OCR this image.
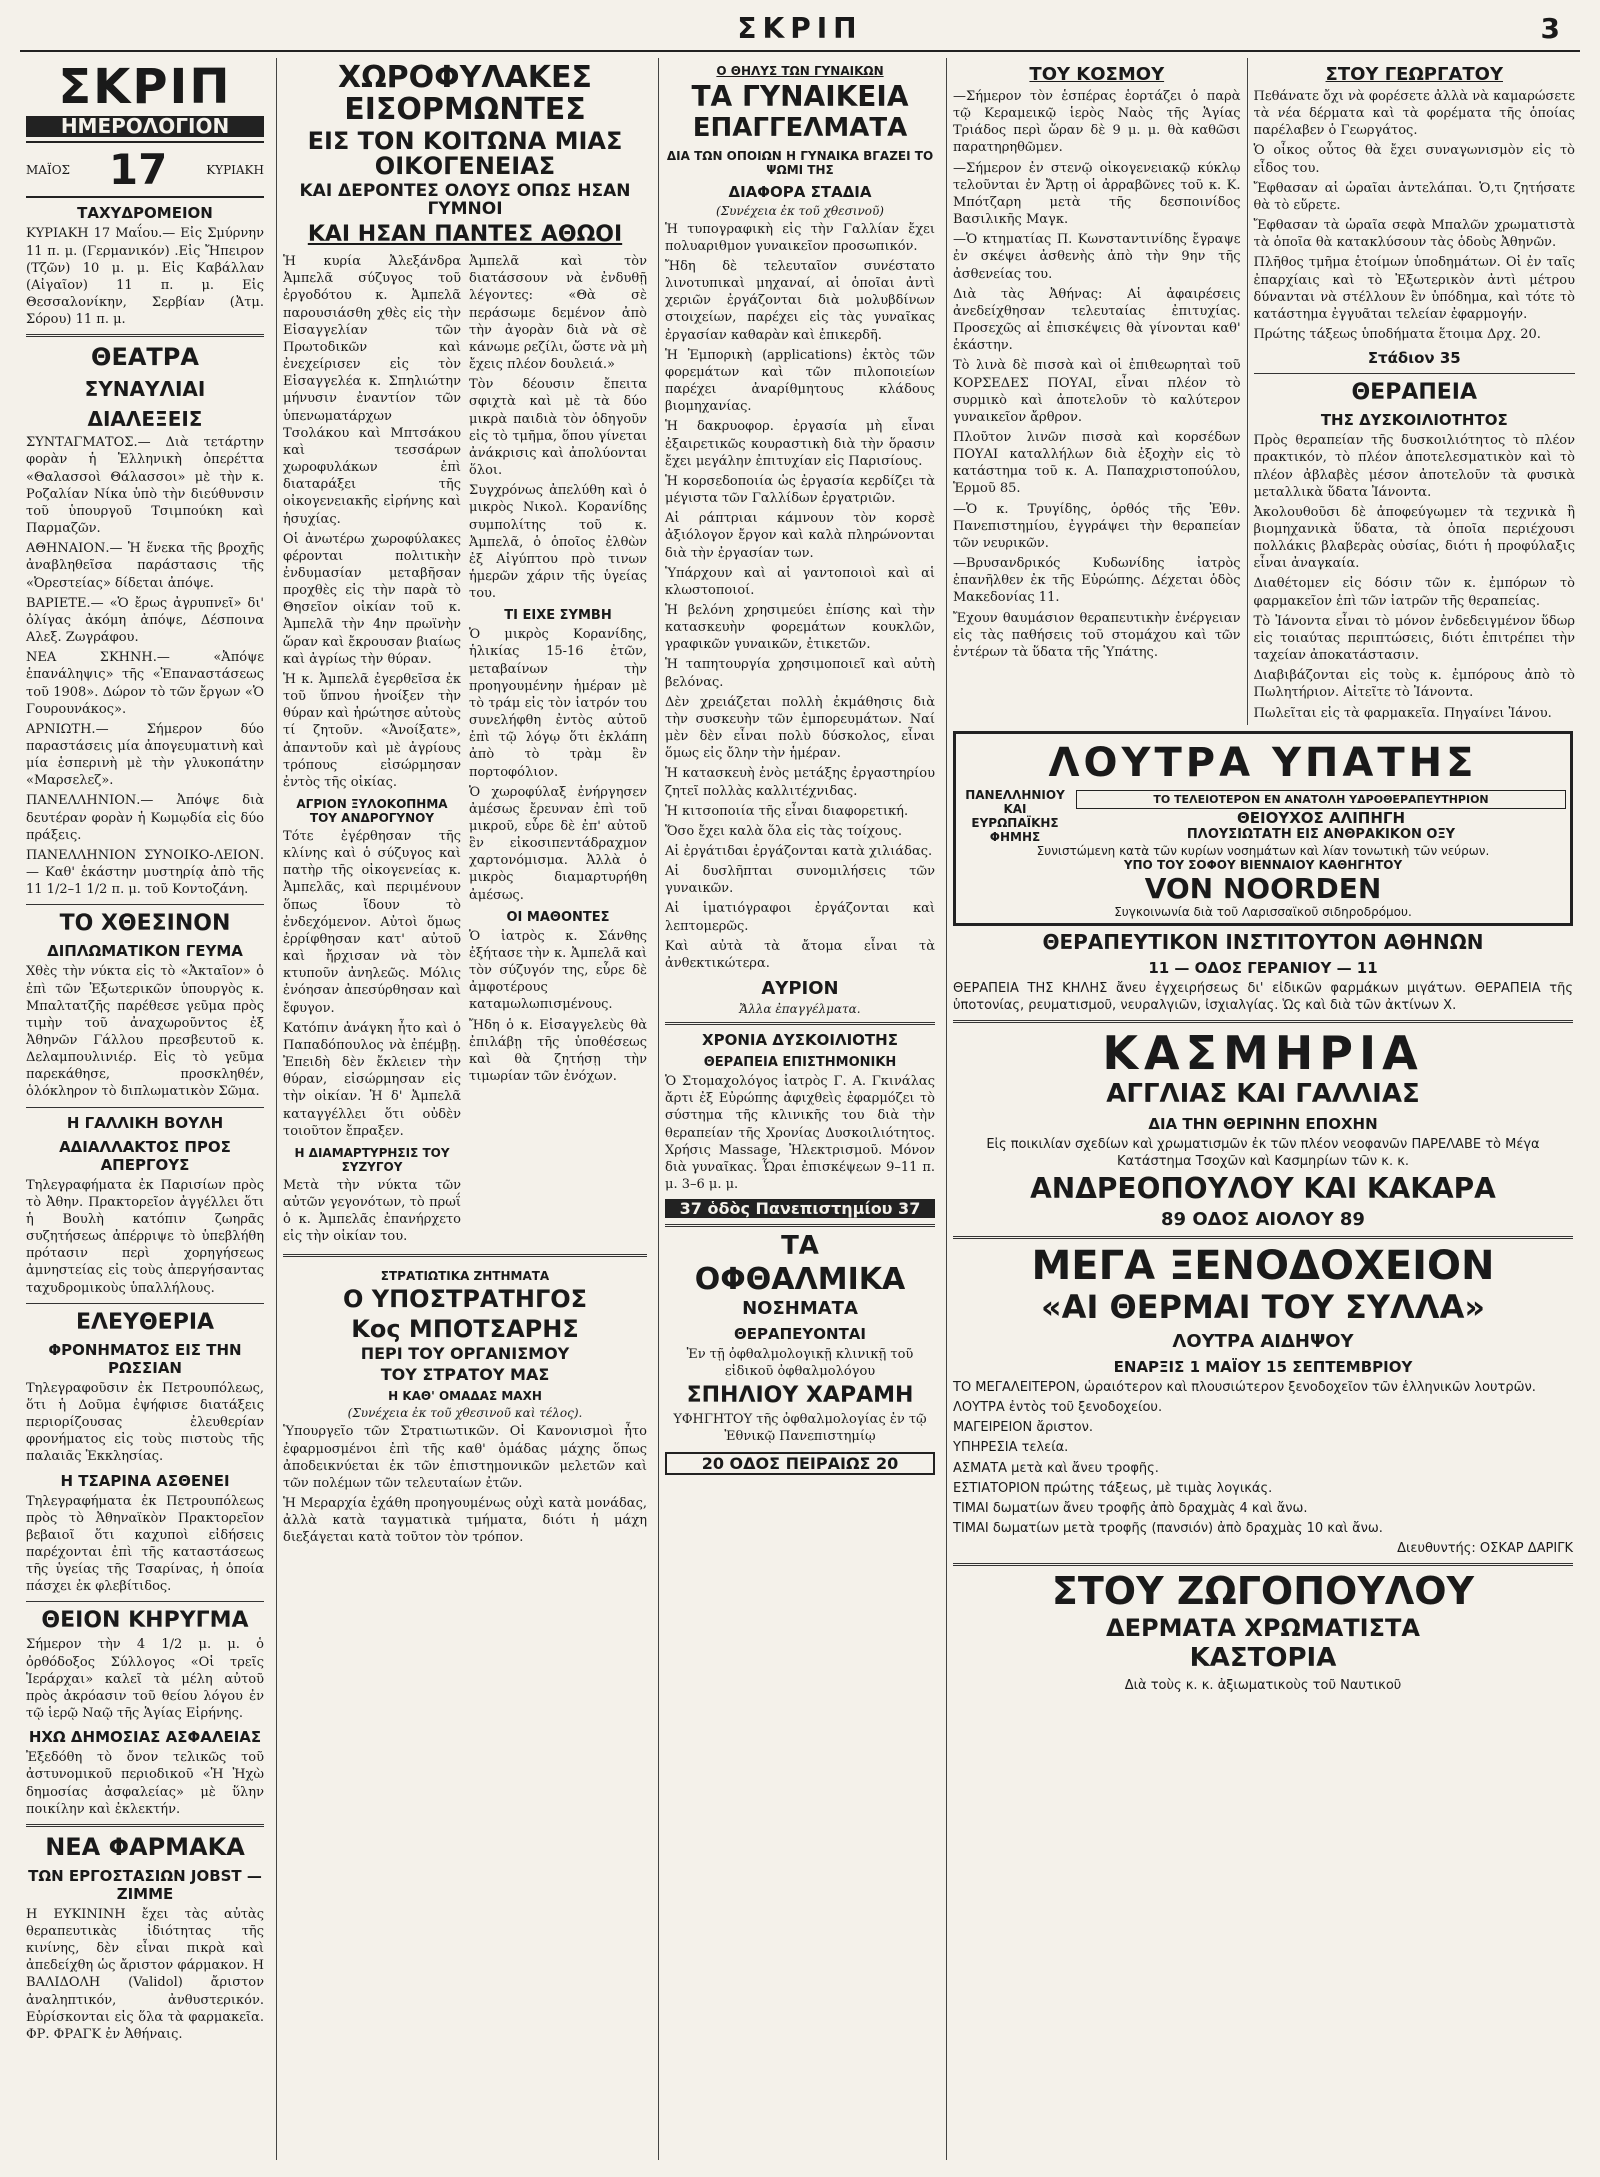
ΣΚΡΙΠ	3
ΣΚΡΙΠ
ΗΜΕΡΟΛΟΓΙΟΝ
ΜΑΪΟΣ 17	ΚΥΡΙΑΚΗ
ΤΑΧΥΔΡΟΜΕΙΟΝ
ΚΥΡΙΑΚΗ 17 Μαΐου.— Εἰς Σμύρνην 11 π. μ. (Γερμανικόν) .Εἰς Ἤπειρον (Τζῶν) 10 μ. μ. Εἰς Καβάλλαν (Αἰγαῖον) 11 π. μ. Εἰς Θεσσαλονίκην, Σερβίαν (Ἀτμ. Σόρου) 11 π. μ.
ΘΕΑΤΡΑ
ΣΥΝΑΥΛΙΑΙ
ΔΙΑΛΕΞΕΙΣ
ΣΥΝΤΑΓΜΑΤΟΣ.— Διὰ τετάρτην φορὰν ἡ Ἑλληνικὴ ὀπερέττα «Θαλασσοὶ Θάλασσοι» μὲ τὴν κ. Ροζαλίαν Νίκα ὑπὸ τὴν διεύθυνσιν τοῦ ὑπουργοῦ Τσιμπούκη καὶ Παρμαζῶν.
ΑΘΗΝΑΙΟΝ.— Ἡ ἕνεκα τῆς βροχῆς ἀναβληθεῖσα παράστασις τῆς «Ὀρεστείας» δίδεται ἀπόψε.
ΒΑΡΙΕΤΕ.— «Ὁ ἔρως ἀγρυπνεῖ» δι' ὀλίγας ἀκόμη ἀπόψε, Δέσποινα Αλεξ. Ζωγράφου.
ΝΕΑ ΣΚΗΝΗ.— «Ἀπόψε ἑπανάληψις» τῆς «Ἐπαναστάσεως τοῦ 1908». Δώρον τὸ τῶν ἔργων «Ὁ Γουρουνάκος».
ΑΡΝΙΩΤΗ.— Σήμερον δύο παραστάσεις μία ἀπογευματινὴ καὶ μία ἑσπερινὴ μὲ τὴν γλυκοπάτην «Μαρσελεζ».
ΠΑΝΕΛΛΗΝΙΟΝ.— Ἀπόψε διὰ δευτέραν φορὰν ἡ Κωμῳδία εἰς δύο πράξεις.
ΠΑΝΕΛΛΗΝΙΟΝ ΣΥΝΟΙΚΟ-ΛΕΙΟΝ.— Καθ' ἑκάστην μυστηρίᾳ ἀπὸ τῆς 11 1/2–1 1/2 π. μ. τοῦ Κοντοζάνη.
ΤΟ ΧΘΕΣΙΝΟΝ
ΔΙΠΛΩΜΑΤΙΚΟΝ ΓΕΥΜΑ
Χθὲς τὴν νύκτα εἰς τὸ «Ἀκταῖον» ὁ ἐπὶ τῶν Ἐξωτερικῶν ὑπουργὸς κ. Μπαλτατζῆς παρέθεσε γεῦμα πρὸς τιμὴν τοῦ ἀναχωροῦντος ἐξ Ἀθηνῶν Γάλλου πρεσβευτοῦ κ. Δελαμπουλινιέρ. Εἰς τὸ γεῦμα παρεκάθησε, προσκληθέν, ὁλόκληρον τὸ διπλωματικὸν Σῶμα.
Η ΓΑΛΛΙΚΗ ΒΟΥΛΗ
ΑΔΙΑΛΛΑΚΤΟΣ ΠΡΟΣ ΑΠΕΡΓΟΥΣ
Τηλεγραφήματα ἐκ Παρισίων πρὸς τὸ Ἀθην. Πρακτορεῖον ἀγγέλλει ὅτι ἡ Βουλὴ κατόπιν ζωηρᾶς συζητήσεως ἀπέρριψε τὸ ὑπεβλήθη πρότασιν περὶ χορηγήσεως ἀμνηστείας εἰς τοὺς ἀπεργήσαντας ταχυδρομικοὺς ὑπαλλήλους.
ΕΛΕΥΘΕΡΙΑ
ΦΡΟΝΗΜΑΤΟΣ ΕΙΣ ΤΗΝ ΡΩΣΣΙΑΝ
Τηλεγραφοῦσιν ἐκ Πετρουπόλεως, ὅτι ἡ Δοῦμα ἐψήφισε διατάξεις περιορίζουσας ἐλευθερίαν φρονήματος εἰς τοὺς πιστοὺς τῆς παλαιᾶς Ἐκκλησίας.
Η ΤΣΑΡΙΝΑ ΑΣΘΕΝΕΙ
Τηλεγραφήματα ἐκ Πετρουπόλεως πρὸς τὸ Ἀθηναϊκὸν Πρακτορεῖον βεβαιοῖ ὅτι καχυποὶ εἰδήσεις παρέχονται ἐπὶ τῆς καταστάσεως τῆς ὑγείας τῆς Τσαρίνας, ἡ ὁποία πάσχει ἐκ φλεβίτιδος.
ΘΕΙΟΝ ΚΗΡΥΓΜΑ
Σήμερον τὴν 4 1/2 μ. μ. ὁ ὀρθόδοξος Σύλλογος «Οἱ τρεῖς Ἱεράρχαι» καλεῖ τὰ μέλη αὐτοῦ πρὸς ἀκρόασιν τοῦ θείου λόγου ἐν τῷ ἱερῷ Ναῷ τῆς Ἁγίας Εἰρήνης.
ΗΧΩ ΔΗΜΟΣΙΑΣ ΑΣΦΑΛΕΙΑΣ
Ἐξεδόθη τὸ ὄνον τελικῶς τοῦ ἀστυνομικοῦ περιοδικοῦ «Ἡ Ἠχὼ δημοσίας ἀσφαλείας» μὲ ὕλην ποικίλην καὶ ἐκλεκτήν.
ΝΕΑ ΦΑΡΜΑΚΑ
ΤΩΝ ΕΡΓΟΣΤΑΣΙΩΝ JOBST — ZIMME
Η ΕΥΚΙΝΙΝΗ ἔχει τὰς αὐτὰς θεραπευτικὰς ἰδιότητας τῆς κινίνης, δὲν εἶναι πικρὰ καὶ ἀπεδείχθη ὡς ἄριστον φάρμακον. Η ΒΑΛΙΔΟΛΗ (Validol) ἄριστον ἀναληπτικόν, ἀνθυστερικόν. Εὑρίσκονται εἰς ὅλα τὰ φαρμακεῖα. ΦΡ. ΦΡΑΓΚ ἐν Ἀθήναις.
ΧΩΡΟΦΥΛΑΚΕΣ ΕΙΣΟΡΜΩΝΤΕΣ
ΕΙΣ ΤΟΝ ΚΟΙΤΩΝΑ ΜΙΑΣ ΟΙΚΟΓΕΝΕΙΑΣ
ΚΑΙ ΔΕΡΟΝΤΕΣ ΟΛΟΥΣ ΟΠΩΣ ΗΣΑΝ ΓΥΜΝΟΙ
ΚΑΙ ΗΣΑΝ ΠΑΝΤΕΣ ΑΘΩΟΙ
Ἡ κυρία Ἀλεξάνδρα Ἀμπελᾶ σύζυγος τοῦ ἐργοδότου κ. Ἀμπελᾶ παρουσιάσθη χθὲς εἰς τὴν Εἰσαγγελίαν τῶν Πρωτοδικῶν καὶ ἐνεχείρισεν εἰς τὸν Εἰσαγγελέα κ. Σπηλιώτην μήνυσιν ἐναντίον τῶν ὑπενωματάρχων Τσολάκου καὶ Μπτσάκου καὶ τεσσάρων χωροφυλάκων ἐπὶ διαταράξει τῆς οἰκογενειακῆς εἰρήνης καὶ ἡσυχίας.
Οἱ ἀνωτέρω χωροφύλακες φέρονται πολιτικὴν ἐνδυμασίαν μεταβῆσαν προχθὲς εἰς τὴν παρὰ τὸ Θησεῖον οἰκίαν τοῦ κ. Ἀμπελᾶ τὴν 4ην πρωϊνὴν ὥραν καὶ ἔκρουσαν βιαίως καὶ ἀγρίως τὴν θύραν.
Ἡ κ. Ἀμπελᾶ ἐγερθεῖσα ἐκ τοῦ ὕπνου ἠνοίξεν τὴν θύραν καὶ ἠρώτησε αὐτοὺς τί ζητοῦν. «Ἀνοίξατε», ἀπαντοῦν καὶ μὲ ἀγρίους τρόπους εἰσώρμησαν ἐντὸς τῆς οἰκίας.
ΑΓΡΙΟΝ ΞΥΛΟΚΟΠΗΜΑ ΤΟΥ ΑΝΔΡΟΓΥΝΟΥ
Τότε ἐγέρθησαν τῆς κλίνης καὶ ὁ σύζυγος καὶ πατὴρ τῆς οἰκογενείας κ. Ἀμπελᾶς, καὶ περιμένουν ὅπως ἴδουν τὸ ἐνδεχόμενον. Αὐτοὶ ὅμως ἐρρίφθησαν κατ' αὐτοῦ καὶ ἤρχισαν νὰ τὸν κτυποῦν ἀνηλεῶς. Μόλις ἐνόησαν ἀπεσύρθησαν καὶ ἔφυγον.
Κατόπιν ἀνάγκη ἦτο καὶ ὁ Παπαδόπουλος νὰ ἐπέμβῃ. Ἐπειδὴ δὲν ἔκλειεν τὴν θύραν, εἰσώρμησαν εἰς τὴν οἰκίαν. Ἡ δ' Ἀμπελᾶ καταγγέλλει ὅτι οὐδὲν τοιοῦτον ἔπραξεν.
Η ΔΙΑΜΑΡΤΥΡΗΣΙΣ ΤΟΥ ΣΥΖΥΓΟΥ
Μετὰ τὴν νύκτα τῶν αὐτῶν γεγονότων, τὸ πρωΐ ὁ κ. Ἀμπελᾶς ἐπανήρχετο εἰς τὴν οἰκίαν του.
Ἀμπελᾶ καὶ τὸν διατάσσουν νὰ ἐνδυθῇ λέγοντες: «Θὰ σὲ περάσωμε δεμένον ἀπὸ τὴν ἀγορὰν διὰ νὰ σὲ κάνωμε ρεζίλι, ὥστε νὰ μὴ ἔχεις πλέον δουλειά.»
Τὸν δέουσιν ἔπειτα σφιχτὰ καὶ μὲ τὰ δύο μικρὰ παιδιὰ τὸν ὁδηγοῦν εἰς τὸ τμῆμα, ὅπου γίνεται ἀνάκρισις καὶ ἀπολύονται ὅλοι.
Συγχρόνως ἀπελύθη καὶ ὁ μικρὸς Νικολ. Κορανίδης συμπολίτης τοῦ κ. Ἀμπελᾶ, ὁ ὁποῖος ἐλθὼν ἐξ Αἰγύπτου πρὸ τινων ἡμερῶν χάριν τῆς ὑγείας του.
ΤΙ ΕΙΧΕ ΣΥΜΒΗ
Ὁ μικρὸς Κορανίδης, ἡλικίας 15-16 ἐτῶν, μεταβαίνων τὴν προηγουμένην ἡμέραν μὲ τὸ τράμ εἰς τὸν ἰατρόν του συνελήφθη ἐντὸς αὐτοῦ ἐπὶ τῷ λόγῳ ὅτι ἐκλάπη ἀπὸ τὸ τρὰμ ἓν πορτοφόλιον.
Ὁ χωροφύλαξ ἐνήργησεν ἀμέσως ἔρευναν ἐπὶ τοῦ μικροῦ, εὗρε δὲ ἐπ' αὐτοῦ ἓν εἰκοσιπεντάδραχμον χαρτονόμισμα. Ἀλλὰ ὁ μικρὸς διαμαρτυρήθη ἀμέσως.
ΟΙ ΜΑΘΟΝΤΕΣ
Ὁ ἰατρὸς κ. Σάνθης ἐξήτασε τὴν κ. Ἀμπελᾶ καὶ τὸν σύζυγόν της, εὗρε δὲ ἀμφοτέρους καταμωλωπισμένους.
Ἤδη ὁ κ. Εἰσαγγελεὺς θὰ ἐπιλάβῃ τῆς ὑποθέσεως καὶ θὰ ζητήσῃ τὴν τιμωρίαν τῶν ἐνόχων.
ΣΤΡΑΤΙΩΤΙΚΑ ΖΗΤΗΜΑΤΑ
Ο ΥΠΟΣΤΡΑΤΗΓΟΣ
Κος ΜΠΟΤΣΑΡΗΣ
ΠΕΡΙ ΤΟΥ ΟΡΓΑΝΙΣΜΟΥ
ΤΟΥ ΣΤΡΑΤΟΥ ΜΑΣ
Η ΚΑΘ' ΟΜΑΔΑΣ ΜΑΧΗ
(Συνέχεια ἐκ τοῦ χθεσινοῦ καὶ τέλος).
Ὑπουργεῖο τῶν Στρατιωτικῶν. Οἱ Κανονισμοὶ ἦτο ἐφαρμοσμένοι ἐπὶ τῆς καθ' ὁμάδας μάχης ὅπως ἀποδεικνύεται ἐκ τῶν ἐπιστημονικῶν μελετῶν καὶ τῶν πολέμων τῶν τελευταίων ἐτῶν.
Ἡ Μεραρχία ἐχάθη προηγουμένως οὐχὶ κατὰ μονάδας, ἀλλὰ κατὰ ταγματικὰ τμήματα, διότι ἡ μάχη διεξάγεται κατὰ τοῦτον τὸν τρόπον.
Ο ΘΗΛΥΣ ΤΩΝ ΓΥΝΑΙΚΩΝ
ΤΑ ΓΥΝΑΙΚΕΙΑ
ΕΠΑΓΓΕΛΜΑΤΑ
ΔΙΑ ΤΩΝ ΟΠΟΙΩΝ Η ΓΥΝΑΙΚΑ ΒΓΑΖΕΙ ΤΟ ΨΩΜΙ ΤΗΣ
ΔΙΑΦΟΡΑ ΣΤΑΔΙΑ
(Συνέχεια ἐκ τοῦ χθεσινοῦ)
Ἡ τυπογραφικὴ εἰς τὴν Γαλλίαν ἔχει πολυαριθμον γυναικεῖον προσωπικόν.
Ἤδη δὲ τελευταῖον συνέστατο λινοτυπικαὶ μηχαναί, αἱ ὁποῖαι ἀντὶ χεριῶν ἐργάζονται διὰ μολυβδίνων στοιχείων, παρέχει εἰς τὰς γυναῖκας ἐργασίαν καθαρὰν καὶ ἐπικερδῆ.
Ἡ Ἐμπορικὴ (applications) ἐκτὸς τῶν φορεμάτων καὶ τῶν πιλοποιείων παρέχει ἀναρίθμητους κλάδους βιομηχανίας.
Ἡ δακρυοφορ. ἐργασία μὴ εἶναι ἐξαιρετικῶς κουραστικὴ διὰ τὴν ὅρασιν ἔχει μεγάλην ἐπιτυχίαν εἰς Παρισίους.
Ἡ κορσεδοποιία ὡς ἐργασία κερδίζει τὰ μέγιστα τῶν Γαλλίδων ἐργατριῶν.
Αἱ ράπτριαι κάμνουν τὸν κορσὲ ἀξιόλογον ἔργον καὶ καλὰ πληρώνονται διὰ τὴν ἐργασίαν των.
Ὑπάρχουν καὶ αἱ γαντοποιοὶ καὶ αἱ κλωστοποιοί.
Ἡ βελόνη χρησιμεύει ἐπίσης καὶ τὴν κατασκευὴν φορεμάτων κουκλῶν, γραφικῶν γυναικῶν, ἐτικετῶν.
Ἡ ταπητουργία χρησιμοποιεῖ καὶ αὐτὴ βελόνας.
Δὲν χρειάζεται πολλὴ ἐκμάθησις διὰ τὴν συσκευὴν τῶν ἐμπορευμάτων. Ναί μὲν δὲν εἶναι πολὺ δύσκολος, εἶναι ὅμως εἰς ὄλην τὴν ἡμέραν.
Ἡ κατασκευὴ ἐνὸς μετάξης ἐργαστηρίου ζητεῖ πολλὰς καλλιτέχνιδας.
Ἡ κιτσοποιία τῆς εἶναι διαφορετική.
Ὅσο ἔχει καλὰ ὅλα εἰς τὰς τοίχους.
Αἱ ἐργάτιδαι ἐργάζονται κατὰ χιλιάδας.
Αἱ δυσλῆπται συνομιλήσεις τῶν γυναικῶν.
Αἱ ἱματιόγραφοι ἐργάζονται καὶ λεπτομερῶς.
Καὶ αὐτὰ τὰ ἄτομα εἶναι τὰ ἀνθεκτικώτερα.
ΑΥΡΙΟΝ
Ἄλλα ἐπαγγέλματα.
ΧΡΟΝΙΑ ΔΥΣΚΟΙΛΙΟΤΗΣ
ΘΕΡΑΠΕΙΑ ΕΠΙΣΤΗΜΟΝΙΚΗ
Ὁ Στομαχολόγος ἰατρὸς Γ. Α. Γκινάλας ἄρτι ἐξ Εὐρώπης ἀφιχθεὶς ἐφαρμόζει τὸ σύστημα τῆς κλινικῆς του διὰ τὴν θεραπείαν τῆς Χρονίας Δυσκοιλιότητος. Χρήσις Massage, Ἠλεκτρισμοῦ. Μόνον διὰ γυναῖκας. Ὧραι ἐπισκέψεων 9–11 π. μ. 3–6 μ. μ.
37 ὁδὸς Πανεπιστημίου 37
ΤΑ
ΟΦΘΑΛΜΙΚΑ
ΝΟΣΗΜΑΤΑ
ΘΕΡΑΠΕΥΟΝΤΑΙ
Ἐν τῇ ὀφθαλμολογικῇ κλινικῇ τοῦ εἰδικοῦ ὀφθαλμολόγου
ΣΠΗΛΙΟΥ ΧΑΡΑΜΗ
ΥΦΗΓΗΤΟΥ τῆς ὀφθαλμολογίας ἐν τῷ Ἐθνικῷ Πανεπιστημίῳ
20 ΟΔΟΣ ΠΕΙΡΑΙΩΣ 20
ΤΟΥ ΚΟΣΜΟΥ
—Σήμερον τὸν ἑσπέρας ἑορτάζει ὁ παρὰ τῷ Κεραμεικῷ ἱερὸς Ναὸς τῆς Ἁγίας Τριάδος περὶ ὥραν δὲ 9 μ. μ. θὰ καθῶσι παρατηρηθῶμεν.
—Σήμερον ἐν στενῷ οἰκογενειακῷ κύκλῳ τελοῦνται ἐν Ἄρτῃ οἱ ἀρραβῶνες τοῦ κ. Κ. Μπότζαρη μετὰ τῆς δεσποινίδος Βασιλικῆς Μαγκ.
—Ὁ κτηματίας Π. Κωνσταντινίδης ἔγραψε ἐν σκέψει ἀσθενὴς ἀπὸ τὴν 9ην τῆς ἀσθενείας του.
Διὰ τὰς Ἀθήνας: Αἱ ἀφαιρέσεις ἀνεδείχθησαν τελευταίας ἐπιτυχίας. Προσεχῶς αἱ ἐπισκέψεις θὰ γίνονται καθ' ἑκάστην.
Τὸ λινὰ δὲ πισσὰ καὶ οἱ ἐπιθεωρηταὶ τοῦ ΚΟΡΣΕΔΕΣ ΠΟΥΑΙ, εἶναι πλέον τὸ συρμικὸ καὶ ἀποτελοῦν τὸ καλύτερον γυναικεῖον ἄρθρον.
Πλοῦτον λινῶν πισσὰ καὶ κορσέδων ΠΟΥΑΙ καταλλήλων διὰ ἐξοχὴν εἰς τὸ κατάστημα τοῦ κ. Α. Παπαχριστοπούλου, Ἑρμοῦ 85.
—Ὁ κ. Τρυγίδης, ὁρθός τῆς Ἐθν. Πανεπιστημίου, ἐγγράψει τὴν θεραπείαν τῶν νευρικῶν.
—Βρυσανδρικός Κυδωνίδης ἰατρὸς ἐπανῆλθεν ἐκ τῆς Εὐρώπης. Δέχεται ὁδὸς Μακεδονίας 11.
Ἔχουν θαυμάσιον θεραπευτικὴν ἐνέργειαν εἰς τὰς παθήσεις τοῦ στομάχου καὶ τῶν ἐντέρων τὰ ὕδατα τῆς Ὑπάτης.
ΣΤΟΥ ΓΕΩΡΓΑΤΟΥ
Πεθάνατε ὄχι νὰ φορέσετε ἀλλὰ νὰ καμαρώσετε τὰ νέα δέρματα καὶ τὰ φορέματα τῆς ὁποίας παρέλαβεν ὁ Γεωργάτος.
Ὁ οἶκος οὗτος θὰ ἔχει συναγωνισμὸν εἰς τὸ εἶδος του.
Ἔφθασαν αἱ ὡραῖαι ἀντελάπαι. Ὁ,τι ζητήσατε θὰ τὸ εὕρετε.
Ἔφθασαν τὰ ὡραῖα σεφὰ Μπαλῶν χρωματιστὰ τὰ ὁποῖα θὰ κατακλύσουν τὰς ὁδοὺς Ἀθηνῶν.
Πλῆθος τμῆμα ἑτοίμων ὑποδημάτων. Οἱ ἐν ταῖς ἐπαρχίαις καὶ τὸ Ἐξωτερικὸν ἀντὶ μέτρου δύνανται νὰ στέλλουν ἓν ὑπόδημα, καὶ τότε τὸ κατάστημα ἐγγυᾶται τελείαν ἐφαρμογήν.
Πρώτης τάξεως ὑποδήματα ἕτοιμα Δρχ. 20.
Στάδιον 35
ΘΕΡΑΠΕΙΑ
ΤΗΣ ΔΥΣΚΟΙΛΙΟΤΗΤΟΣ
Πρὸς θεραπείαν τῆς δυσκοιλιότητος τὸ πλέον πρακτικόν, τὸ πλέον ἀποτελεσματικὸν καὶ τὸ πλέον ἀβλαβὲς μέσον ἀποτελοῦν τὰ φυσικὰ μεταλλικὰ ὕδατα Ἰάνοντα.
Ἀκολουθοῦσι δὲ ἀποφεύγωμεν τὰ τεχνικὰ ἢ βιομηχανικὰ ὕδατα, τὰ ὁποῖα περιέχουσι πολλάκις βλαβερὰς οὐσίας, διότι ἡ προφύλαξις εἶναι ἀναγκαία.
Διαθέτομεν εἰς δόσιν τῶν κ. ἐμπόρων τὸ φαρμακεῖον ἐπὶ τῶν ἰατρῶν τῆς θεραπείας.
Τὸ Ἰάνοντα εἶναι τὸ μόνον ἐνδεδειγμένον ὕδωρ εἰς τοιαύτας περιπτώσεις, διότι ἐπιτρέπει τὴν ταχείαν ἀποκατάστασιν.
Διαβιβάζονται εἰς τοὺς κ. ἐμπόρους ἀπὸ τὸ Πωλητήριον. Αἰτεῖτε τὸ Ἰάνοντα.
Πωλεῖται εἰς τὰ φαρμακεῖα. Πηγαίνει Ἰάνου.
ΛΟΥΤΡΑ ΥΠΑΤΗΣ
ΠΑΝΕΛΛΗΝΙΟΥ
ΚΑΙ
ΕΥΡΩΠΑΪΚΗΣ
ΦΗΜΗΣ
ΤΟ ΤΕΛΕΙΟΤΕΡΟΝ ΕΝ ΑΝΑΤΟΛΗ ΥΔΡΟΘΕΡΑΠΕΥΤΗΡΙΟΝ
ΘΕΙΟΥΧΟΣ ΑΛΙΠΗΓΗ
ΠΛΟΥΣΙΩΤΑΤΗ ΕΙΣ ΑΝΘΡΑΚΙΚΟΝ ΟΞΥ
Συνιστώμενη κατὰ τῶν κυρίων νοσημάτων καὶ λίαν τονωτικὴ τῶν νεύρων.
ΥΠΟ ΤΟΥ ΣΟΦΟΥ ΒΙΕΝΝΑΙΟΥ ΚΑΘΗΓΗΤΟΥ
VON NOORDEN
Συγκοινωνία διὰ τοῦ Λαρισσαϊκοῦ σιδηροδρόμου.
ΘΕΡΑΠΕΥΤΙΚΟΝ ΙΝΣΤΙΤΟΥΤΟΝ ΑΘΗΝΩΝ
11 — ΟΔΟΣ ΓΕΡΑΝΙΟΥ — 11
ΘΕΡΑΠΕΙΑ ΤΗΣ ΚΗΛΗΣ ἄνευ ἐγχειρήσεως δι' εἰδικῶν φαρμάκων μιγάτων. ΘΕΡΑΠΕΙΑ τῆς ὑποτονίας, ρευματισμοῦ, νευραλγιῶν, ἰσχιαλγίας. Ὡς καὶ διὰ τῶν ἀκτίνων Χ.
ΚΑΣΜΗΡΙΑ
ΑΓΓΛΙΑΣ ΚΑΙ ΓΑΛΛΙΑΣ
ΔΙΑ ΤΗΝ ΘΕΡΙΝΗΝ ΕΠΟΧΗΝ
Εἰς ποικιλίαν σχεδίων καὶ χρωματισμῶν ἐκ τῶν πλέον νεοφανῶν ΠΑΡΕΛΑΒΕ τὸ Μέγα Κατάστημα Τσοχῶν καὶ Κασμηρίων τῶν κ. κ.
ΑΝΔΡΕΟΠΟΥΛΟΥ ΚΑΙ ΚΑΚΑΡΑ
89 ΟΔΟΣ ΑΙΟΛΟΥ 89
ΜΕΓΑ ΞΕΝΟΔΟΧΕΙΟΝ
«ΑΙ ΘΕΡΜΑΙ ΤΟΥ ΣΥΛΛΑ»
ΛΟΥΤΡΑ ΑΙΔΗΨΟΥ
ΕΝΑΡΞΙΣ 1 ΜΑΪΟΥ 15 ΣΕΠΤΕΜΒΡΙΟΥ
ΤΟ ΜΕΓΑΛΕΙΤΕΡΟΝ, ὡραιότερον καὶ πλουσιώτερον ξενοδοχεῖον τῶν ἑλληνικῶν λουτρῶν.
ΛΟΥΤΡΑ ἐντὸς τοῦ ξενοδοχείου.
ΜΑΓΕΙΡΕΙΟΝ ἄριστον.
ΥΠΗΡΕΣΙΑ τελεία.
ΑΣΜΑΤΑ μετὰ καὶ ἄνευ τροφῆς.
ΕΣΤΙΑΤΟΡΙΟΝ πρώτης τάξεως, μὲ τιμὰς λογικάς.
ΤΙΜΑΙ δωματίων ἄνευ τροφῆς ἀπὸ δραχμὰς 4 καὶ ἄνω.
ΤΙΜΑΙ δωματίων μετὰ τροφῆς (πανσιόν) ἀπὸ δραχμὰς 10 καὶ ἄνω.
Διευθυντής: ΟΣΚΑΡ ΔΑΡΙΓΚ
ΣΤΟΥ ΖΩΓΟΠΟΥΛΟΥ
ΔΕΡΜΑΤΑ ΧΡΩΜΑΤΙΣΤΑ
ΚΑΣΤΟΡΙΑ
Διὰ τοὺς κ. κ. ἀξιωματικοὺς τοῦ Ναυτικοῦ
